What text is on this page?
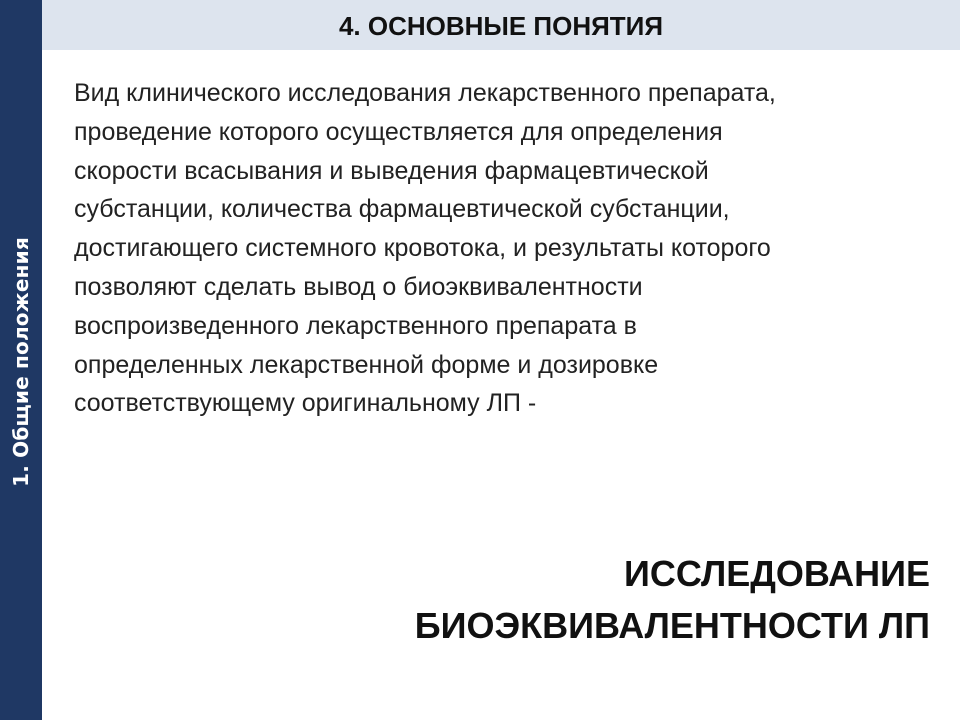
1. Общие положения
4. ОСНОВНЫЕ ПОНЯТИЯ

Вид клинического исследования лекарственного препарата,
проведение которого осуществляется для определения
скорости всасывания и выведения фармацевтической
субстанции, количества фармацевтической субстанции,
достигающего системного кровотока, и результаты которого
позволяют сделать вывод о биоэквивалентности
воспроизведенного лекарственного препарата в
определенных лекарственной форме и дозировке
соответствующему оригинальному ЛП -

ИССЛЕДОВАНИЕ
БИОЭКВИВАЛЕНТНОСТИ ЛП
